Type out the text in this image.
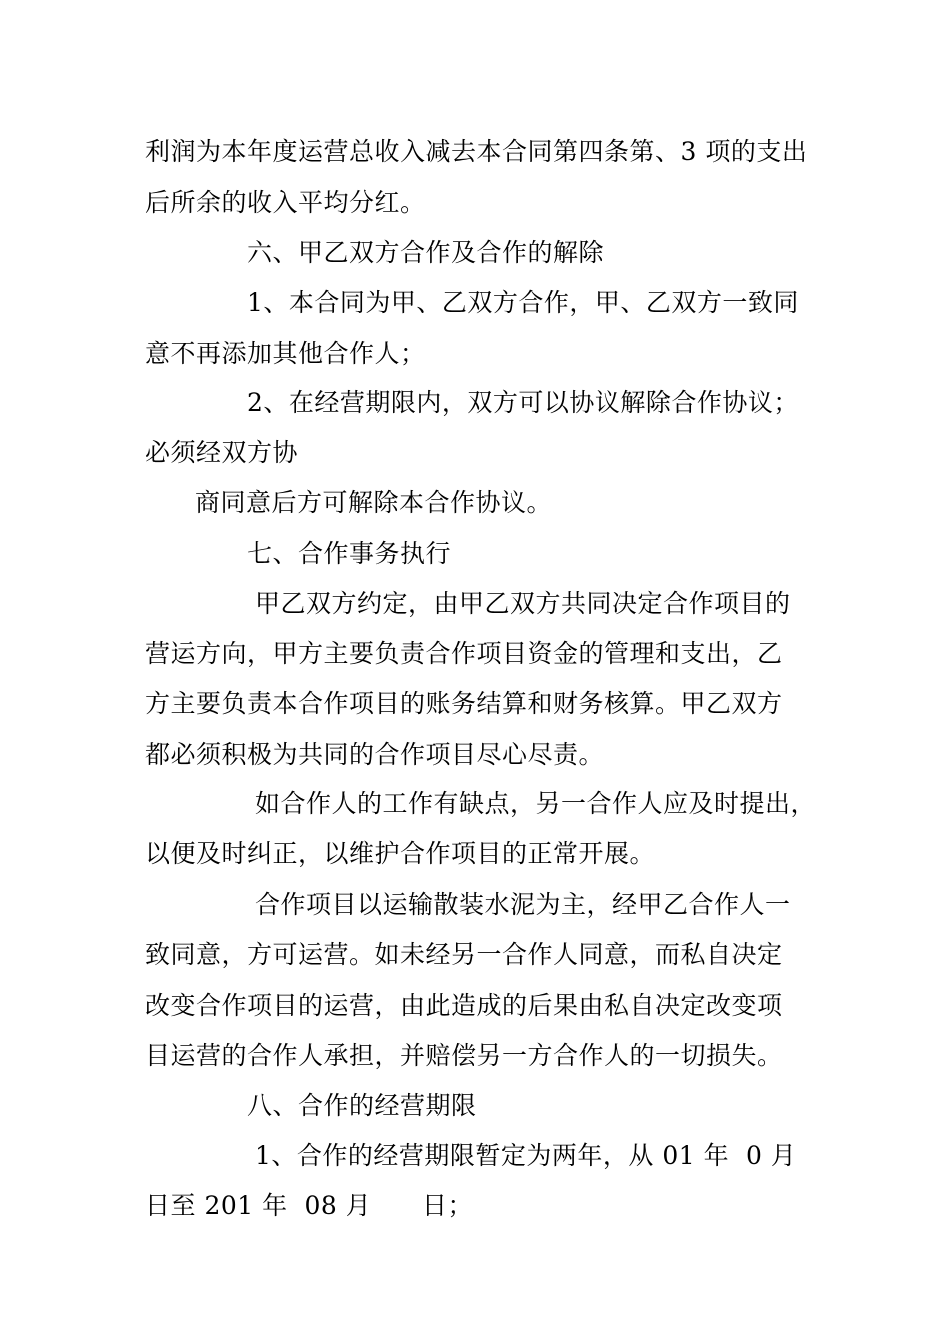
利润为本年度运营总收入减去本合同第四条第、3 项的支出
后所余的收入平均分红。
六、甲乙双方合作及合作的解除
1、本合同为甲、乙双方合作，甲、乙双方一致同
意不再添加其他合作人；
2、在经营期限内，双方可以协议解除合作协议；
必须经双方协
商同意后方可解除本合作协议。
七、合作事务执行
甲乙双方约定，由甲乙双方共同决定合作项目的
营运方向，甲方主要负责合作项目资金的管理和支出，乙
方主要负责本合作项目的账务结算和财务核算。甲乙双方
都必须积极为共同的合作项目尽心尽责。
如合作人的工作有缺点，另一合作人应及时提出，
以便及时纠正，以维护合作项目的正常开展。
合作项目以运输散装水泥为主，经甲乙合作人一
致同意，方可运营。如未经另一合作人同意，而私自决定
改变合作项目的运营，由此造成的后果由私自决定改变项
目运营的合作人承担，并赔偿另一方合作人的一切损失。
八、合作的经营期限
1、合作的经营期限暂定为两年，从 01 年  0 月
日至 201 年  08 月      日；
